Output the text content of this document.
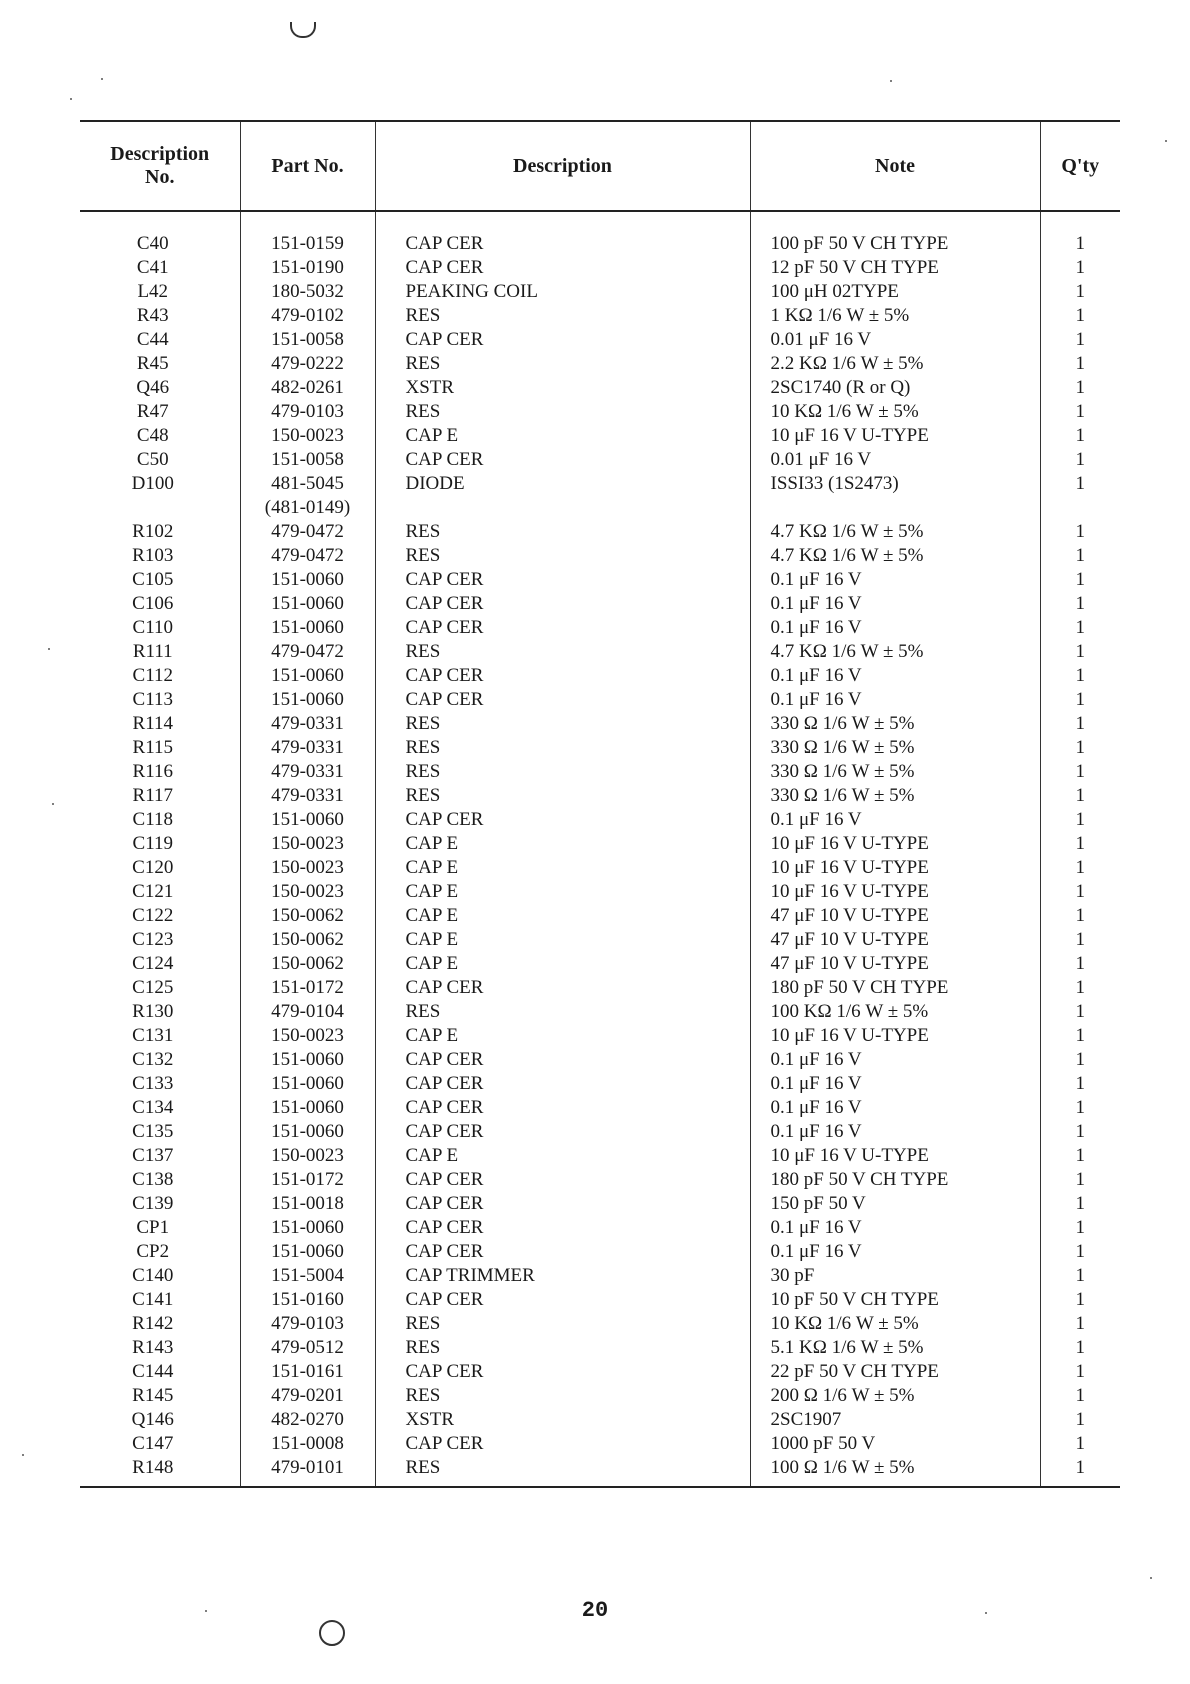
Description
No.	Part No.	Description	Note	Q'ty
C40	151-0159	CAP CER	100 pF 50 V CH TYPE	1
C41	151-0190	CAP CER	12 pF 50 V CH TYPE	1
L42	180-5032	PEAKING COIL	100 μH 02TYPE	1
R43	479-0102	RES	1 KΩ 1/6 W ± 5%	1
C44	151-0058	CAP CER	0.01 μF 16 V	1
R45	479-0222	RES	2.2 KΩ 1/6 W ± 5%	1
Q46	482-0261	XSTR	2SC1740 (R or Q)	1
R47	479-0103	RES	10 KΩ 1/6 W ± 5%	1
C48	150-0023	CAP E	10 μF 16 V U-TYPE	1
C50	151-0058	CAP CER	0.01 μF 16 V	1
D100	481-5045	DIODE	ISSI33 (1S2473)	1
	(481-0149)			
R102	479-0472	RES	4.7 KΩ 1/6 W ± 5%	1
R103	479-0472	RES	4.7 KΩ 1/6 W ± 5%	1
C105	151-0060	CAP CER	0.1 μF 16 V	1
C106	151-0060	CAP CER	0.1 μF 16 V	1
C110	151-0060	CAP CER	0.1 μF 16 V	1
R111	479-0472	RES	4.7 KΩ 1/6 W ± 5%	1
C112	151-0060	CAP CER	0.1 μF 16 V	1
C113	151-0060	CAP CER	0.1 μF 16 V	1
R114	479-0331	RES	330 Ω 1/6 W ± 5%	1
R115	479-0331	RES	330 Ω 1/6 W ± 5%	1
R116	479-0331	RES	330 Ω 1/6 W ± 5%	1
R117	479-0331	RES	330 Ω 1/6 W ± 5%	1
C118	151-0060	CAP CER	0.1 μF 16 V	1
C119	150-0023	CAP E	10 μF 16 V U-TYPE	1
C120	150-0023	CAP E	10 μF 16 V U-TYPE	1
C121	150-0023	CAP E	10 μF 16 V U-TYPE	1
C122	150-0062	CAP E	47 μF 10 V U-TYPE	1
C123	150-0062	CAP E	47 μF 10 V U-TYPE	1
C124	150-0062	CAP E	47 μF 10 V U-TYPE	1
C125	151-0172	CAP CER	180 pF 50 V CH TYPE	1
R130	479-0104	RES	100 KΩ 1/6 W ± 5%	1
C131	150-0023	CAP E	10 μF 16 V U-TYPE	1
C132	151-0060	CAP CER	0.1 μF 16 V	1
C133	151-0060	CAP CER	0.1 μF 16 V	1
C134	151-0060	CAP CER	0.1 μF 16 V	1
C135	151-0060	CAP CER	0.1 μF 16 V	1
C137	150-0023	CAP E	10 μF 16 V U-TYPE	1
C138	151-0172	CAP CER	180 pF 50 V CH TYPE	1
C139	151-0018	CAP CER	150 pF 50 V	1
CP1	151-0060	CAP CER	0.1 μF 16 V	1
CP2	151-0060	CAP CER	0.1 μF 16 V	1
C140	151-5004	CAP TRIMMER	30 pF	1
C141	151-0160	CAP CER	10 pF 50 V CH TYPE	1
R142	479-0103	RES	10 KΩ 1/6 W ± 5%	1
R143	479-0512	RES	5.1 KΩ 1/6 W ± 5%	1
C144	151-0161	CAP CER	22 pF 50 V CH TYPE	1
R145	479-0201	RES	200 Ω 1/6 W ± 5%	1
Q146	482-0270	XSTR	2SC1907	1
C147	151-0008	CAP CER	1000 pF 50 V	1
R148	479-0101	RES	100 Ω 1/6 W ± 5%	1
20
